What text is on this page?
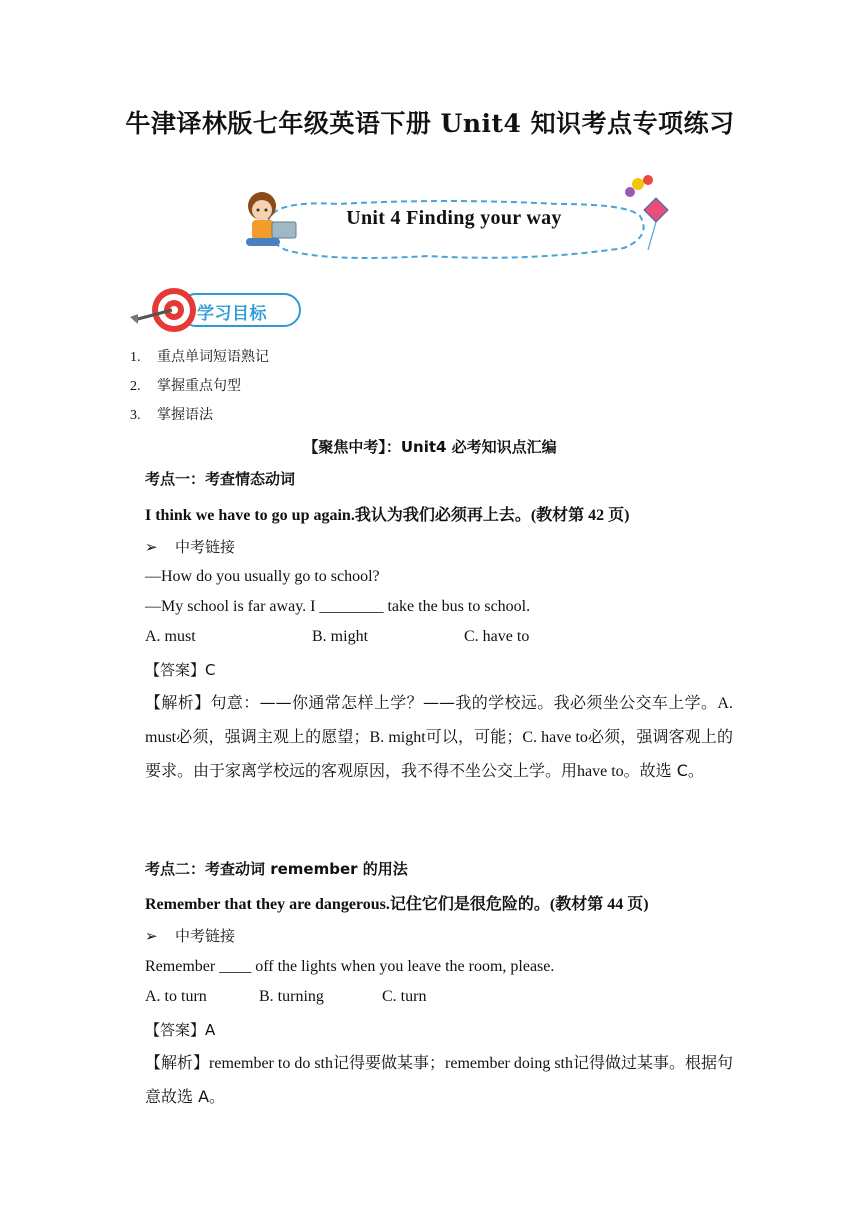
牛津译林版七年级英语下册 Unit4 知识考点专项练习
Unit 4 Finding your way
学习目标
1. 重点单词短语熟记
2. 掌握重点句型
3. 掌握语法
【聚焦中考】：Unit4 必考知识点汇编
考点一：考查情态动词
I think we have to go up again.我认为我们必须再上去。(教材第 42 页)
➢ 中考链接
—How do you usually go to school?
—My school is far away. I ________ take the bus to school.
A. must	B. might	C. have to
【答案】C
【解析】句意：——你通常怎样上学？——我的学校远。我必须坐公交车上学。A. must必须，强调主观上的愿望；B. might可以，可能；C. have to必须，强调客观上的要求。由于家离学校远的客观原因，我不得不坐公交上学。用have to。故选 C。
考点二：考查动词 remember 的用法
Remember that they are dangerous.记住它们是很危险的。(教材第 44 页)
➢ 中考链接
Remember ____ off the lights when you leave the room, please.
A. to turn	B. turning	C. turn
【答案】A
【解析】remember to do sth记得要做某事；remember doing sth记得做过某事。根据句意故选 A。
